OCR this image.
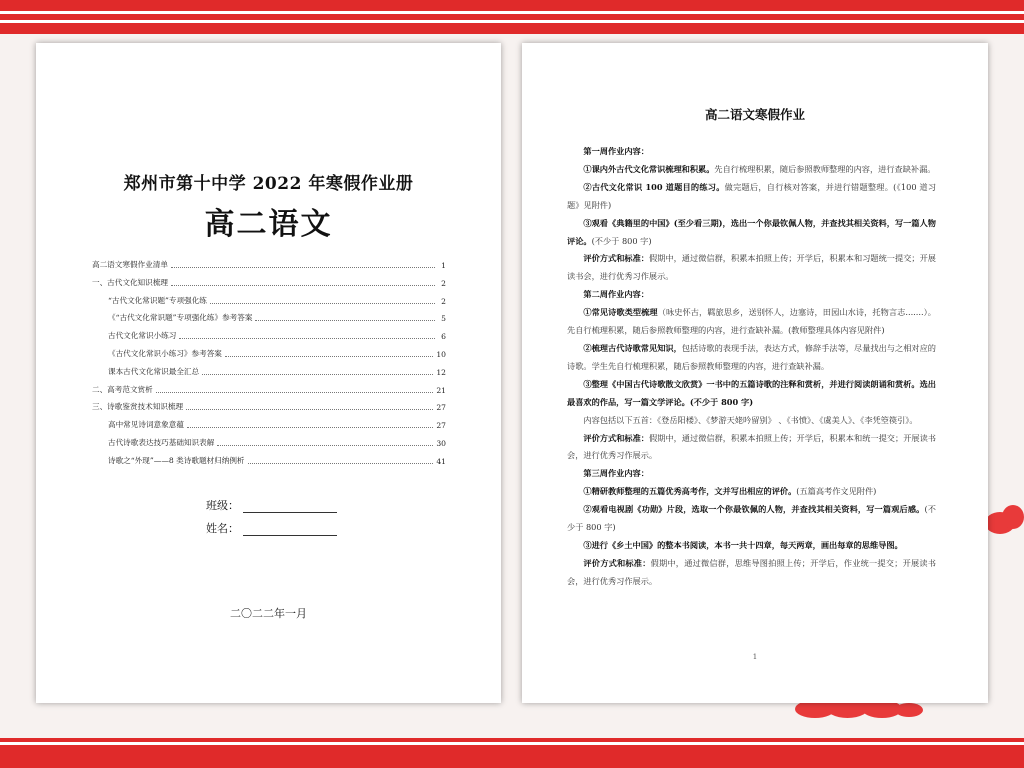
郑州市第十中学 2022 年寒假作业册
高二语文
高二语文寒假作业清单	1
一、古代文化知识梳理	2
“古代文化常识题”专项强化练	2
《“古代文化常识题”专项强化练》参考答案	5
古代文化常识小练习	6
《古代文化常识小练习》参考答案	10
课本古代文化常识最全汇总	12
二、高考范文赏析	21
三、诗歌鉴赏技术知识梳理	27
高中常见诗词意象意蕴	27
古代诗歌表达技巧基础知识表解	30
诗歌之“外现”——8 类诗歌题材归纳例析	41
班级：
姓名：
二〇二二年一月
高二语文寒假作业

第一周作业内容：

①课内外古代文化常识梳理和积累。先自行梳理积累，随后参照教师整理的内容，进行查缺补漏。

②古代文化常识 100 道题目的练习。做完题后，自行核对答案，并进行错题整理。(《100 道习题》见附件)

③观看《典籍里的中国》(至少看三期)，选出一个你最钦佩人物，并查找其相关资料，写一篇人物评论。(不少于 800 字)

评价方式和标准：假期中，通过微信群，积累本拍照上传；开学后，积累本和习题统一提交；开展读书会，进行优秀习作展示。

第二周作业内容：

①常见诗歌类型梳理（咏史怀古，羁旅思乡，送别怀人，边塞诗，田园山水诗，托物言志.......）。先自行梳理积累，随后参照教师整理的内容，进行查缺补漏。(教师整理具体内容见附件)

②梳理古代诗歌常见知识，包括诗歌的表现手法，表达方式，修辞手法等，尽量找出与之相对应的诗歌。学生先自行梳理积累，随后参照教师整理的内容，进行查缺补漏。

③整理《中国古代诗歌散文欣赏》一书中的五篇诗歌的注释和赏析，并进行阅读朗诵和赏析。选出最喜欢的作品，写一篇文学评论。(不少于 800 字)

内容包括以下五首：《登岳阳楼》、《梦游天姥吟留别》 、《书愤》、《虞美人》、《李凭箜篌引》。

评价方式和标准：假期中，通过微信群，积累本拍照上传；开学后，积累本和统一提交；开展读书会，进行优秀习作展示。

第三周作业内容：

①精研教师整理的五篇优秀高考作，文并写出相应的评价。(五篇高考作文见附件)

②观看电视剧《功勋》片段，选取一个你最钦佩的人物，并查找其相关资料，写一篇观后感。(不少于 800 字)

③进行《乡土中国》的整本书阅读，本书一共十四章，每天两章，画出每章的思维导图。

评价方式和标准：假期中，通过微信群，思维导图拍照上传；开学后，作业统一提交；开展读书会，进行优秀习作展示。

1
